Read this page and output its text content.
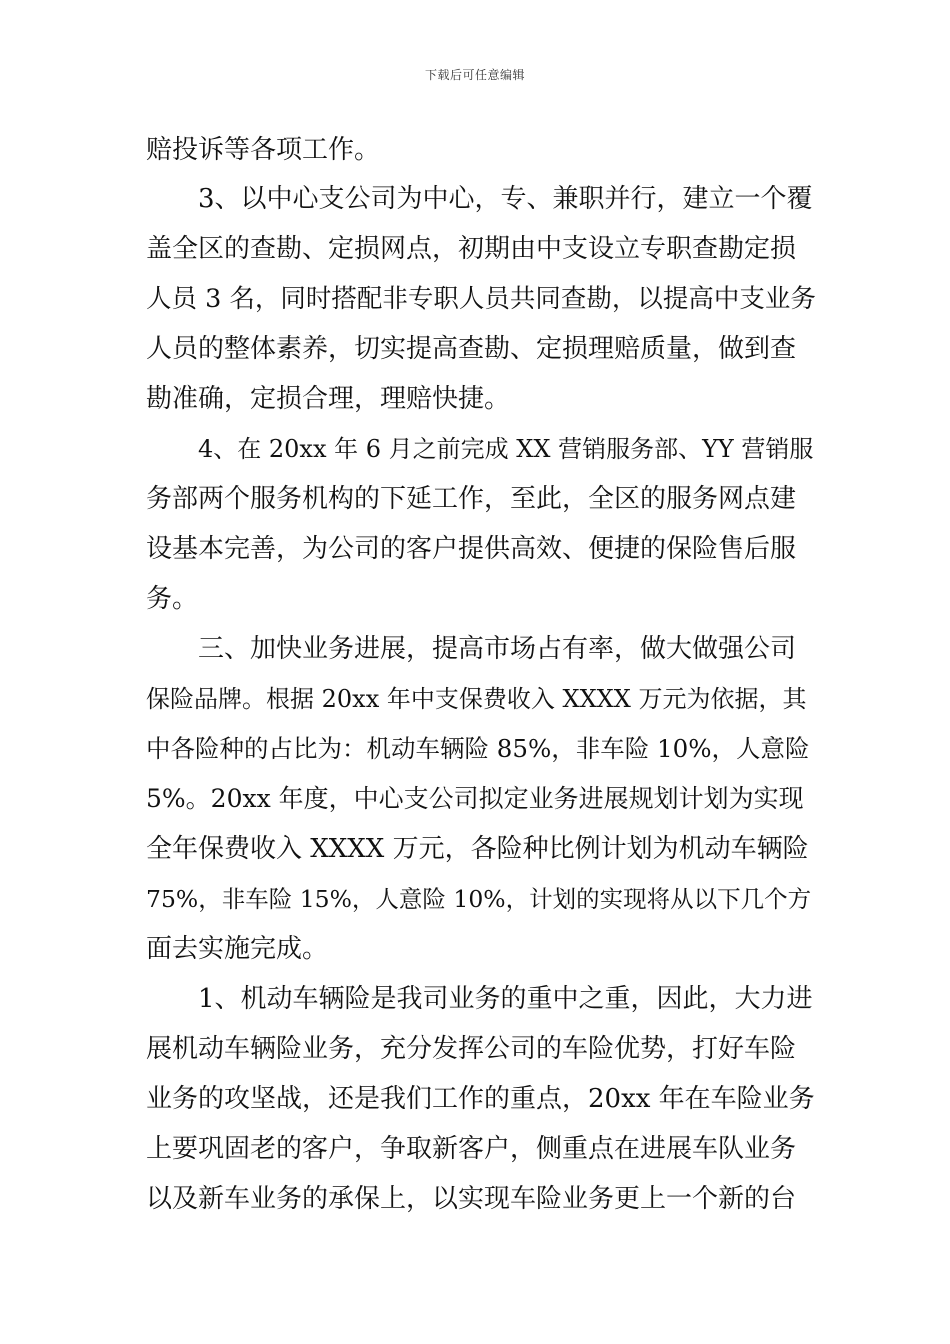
下载后可任意编辑
赔投诉等各项工作。
3、以中心支公司为中心，专、兼职并行，建立一个覆
盖全区的查勘、定损网点，初期由中支设立专职查勘定损
人员 3 名，同时搭配非专职人员共同查勘，以提高中支业务
人员的整体素养，切实提高查勘、定损理赔质量，做到查
勘准确，定损合理，理赔快捷。
4、在 20xx 年 6 月之前完成 XX 营销服务部、YY 营销服
务部两个服务机构的下延工作，至此，全区的服务网点建
设基本完善，为公司的客户提供高效、便捷的保险售后服
务。
三、加快业务进展，提高市场占有率，做大做强公司
保险品牌。根据 20xx 年中支保费收入 XXXX 万元为依据，其
中各险种的占比为：机动车辆险 85%，非车险 10%，人意险
5%。20xx 年度，中心支公司拟定业务进展规划计划为实现
全年保费收入 XXXX 万元，各险种比例计划为机动车辆险
75%，非车险 15%，人意险 10%，计划的实现将从以下几个方
面去实施完成。
1、机动车辆险是我司业务的重中之重，因此，大力进
展机动车辆险业务，充分发挥公司的车险优势，打好车险
业务的攻坚战，还是我们工作的重点，20xx 年在车险业务
上要巩固老的客户，争取新客户，侧重点在进展车队业务
以及新车业务的承保上，以实现车险业务更上一个新的台
